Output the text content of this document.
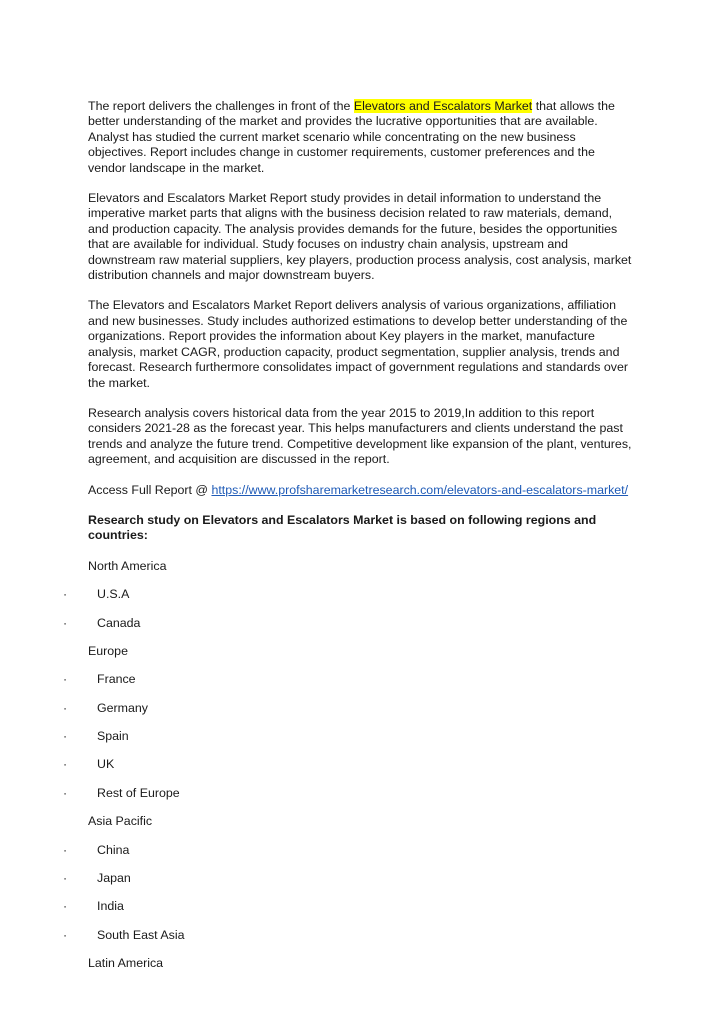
The report delivers the challenges in front of the Elevators and Escalators Market that allows the better understanding of the market and provides the lucrative opportunities that are available. Analyst has studied the current market scenario while concentrating on the new business objectives. Report includes change in customer requirements, customer preferences and the vendor landscape in the market.

Elevators and Escalators Market Report study provides in detail information to understand the imperative market parts that aligns with the business decision related to raw materials, demand, and production capacity. The analysis provides demands for the future, besides the opportunities that are available for individual. Study focuses on industry chain analysis, upstream and downstream raw material suppliers, key players, production process analysis, cost analysis, market distribution channels and major downstream buyers.

The Elevators and Escalators Market Report delivers analysis of various organizations, affiliation and new businesses. Study includes authorized estimations to develop better understanding of the organizations. Report provides the information about Key players in the market, manufacture analysis, market CAGR, production capacity, product segmentation, supplier analysis, trends and forecast. Research furthermore consolidates impact of government regulations and standards over the market.

Research analysis covers historical data from the year 2015 to 2019,In addition to this report considers 2021-28 as the forecast year. This helps manufacturers and clients understand the past trends and analyze the future trend. Competitive development like expansion of the plant, ventures, agreement, and acquisition are discussed in the report.

Access Full Report @ https://www.profsharemarketresearch.com/elevators-and-escalators-market/

Research study on Elevators and Escalators Market is based on following regions and countries:

North America
·	U.S.A
·	Canada
Europe
·	France
·	Germany
·	Spain
·	UK
·	Rest of Europe
Asia Pacific
·	China
·	Japan
·	India
·	South East Asia
Latin America
